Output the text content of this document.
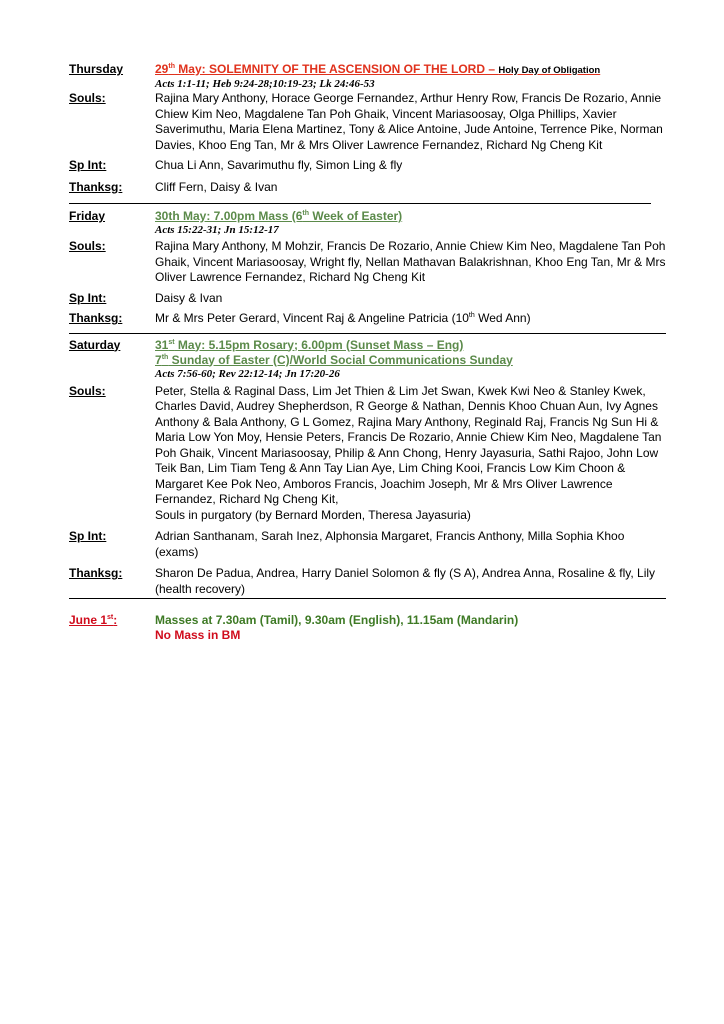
Thursday	29th May: SOLEMNITY OF THE ASCENSION OF THE LORD – Holy Day of Obligation
Acts 1:1-11; Heb 9:24-28;10:19-23; Lk 24:46-53
Souls:	Rajina Mary Anthony, Horace George Fernandez, Arthur Henry Row, Francis De Rozario, Annie Chiew Kim Neo, Magdalene Tan Poh Ghaik, Vincent Mariasoosay, Olga Phillips, Xavier Saverimuthu, Maria Elena Martinez, Tony & Alice Antoine, Jude Antoine, Terrence Pike, Norman Davies, Khoo Eng Tan, Mr & Mrs Oliver Lawrence Fernandez, Richard Ng Cheng Kit
Sp Int:	Chua Li Ann, Savarimuthu fly, Simon Ling & fly
Thanksg:	Cliff Fern, Daisy & Ivan
Friday	30th May: 7.00pm Mass (6th Week of Easter)
Acts 15:22-31; Jn 15:12-17
Souls:	Rajina Mary Anthony, M Mohzir, Francis De Rozario, Annie Chiew Kim Neo, Magdalene Tan Poh Ghaik, Vincent Mariasoosay, Wright fly, Nellan Mathavan Balakrishnan, Khoo Eng Tan, Mr & Mrs Oliver Lawrence Fernandez, Richard Ng Cheng Kit
Sp Int:	Daisy & Ivan
Thanksg:	Mr & Mrs Peter Gerard, Vincent Raj & Angeline Patricia (10th Wed Ann)
Saturday	31st May: 5.15pm Rosary; 6.00pm (Sunset Mass – Eng)
7th Sunday of Easter (C)/World Social Communications Sunday
Acts 7:56-60; Rev 22:12-14; Jn 17:20-26
Souls:	Peter, Stella & Raginal Dass, Lim Jet Thien & Lim Jet Swan, Kwek Kwi Neo & Stanley Kwek, Charles David, Audrey Shepherdson, R George & Nathan, Dennis Khoo Chuan Aun, Ivy Agnes Anthony & Bala Anthony, G L Gomez, Rajina Mary Anthony, Reginald Raj, Francis Ng Sun Hi & Maria Low Yon Moy, Hensie Peters, Francis De Rozario, Annie Chiew Kim Neo, Magdalene Tan Poh Ghaik, Vincent Mariasoosay, Philip & Ann Chong, Henry Jayasuria, Sathi Rajoo, John Low Teik Ban, Lim Tiam Teng & Ann Tay Lian Aye, Lim Ching Kooi, Francis Low Kim Choon & Margaret Kee Pok Neo, Amboros Francis, Joachim Joseph, Mr & Mrs Oliver Lawrence Fernandez, Richard Ng Cheng Kit,
Souls in purgatory (by Bernard Morden, Theresa Jayasuria)
Sp Int:	Adrian Santhanam, Sarah Inez, Alphonsia Margaret, Francis Anthony, Milla Sophia Khoo (exams)
Thanksg:	Sharon De Padua, Andrea, Harry Daniel Solomon & fly (S A), Andrea Anna, Rosaline & fly, Lily (health recovery)
June 1st:	Masses at 7.30am (Tamil), 9.30am (English), 11.15am (Mandarin)
No Mass in BM
